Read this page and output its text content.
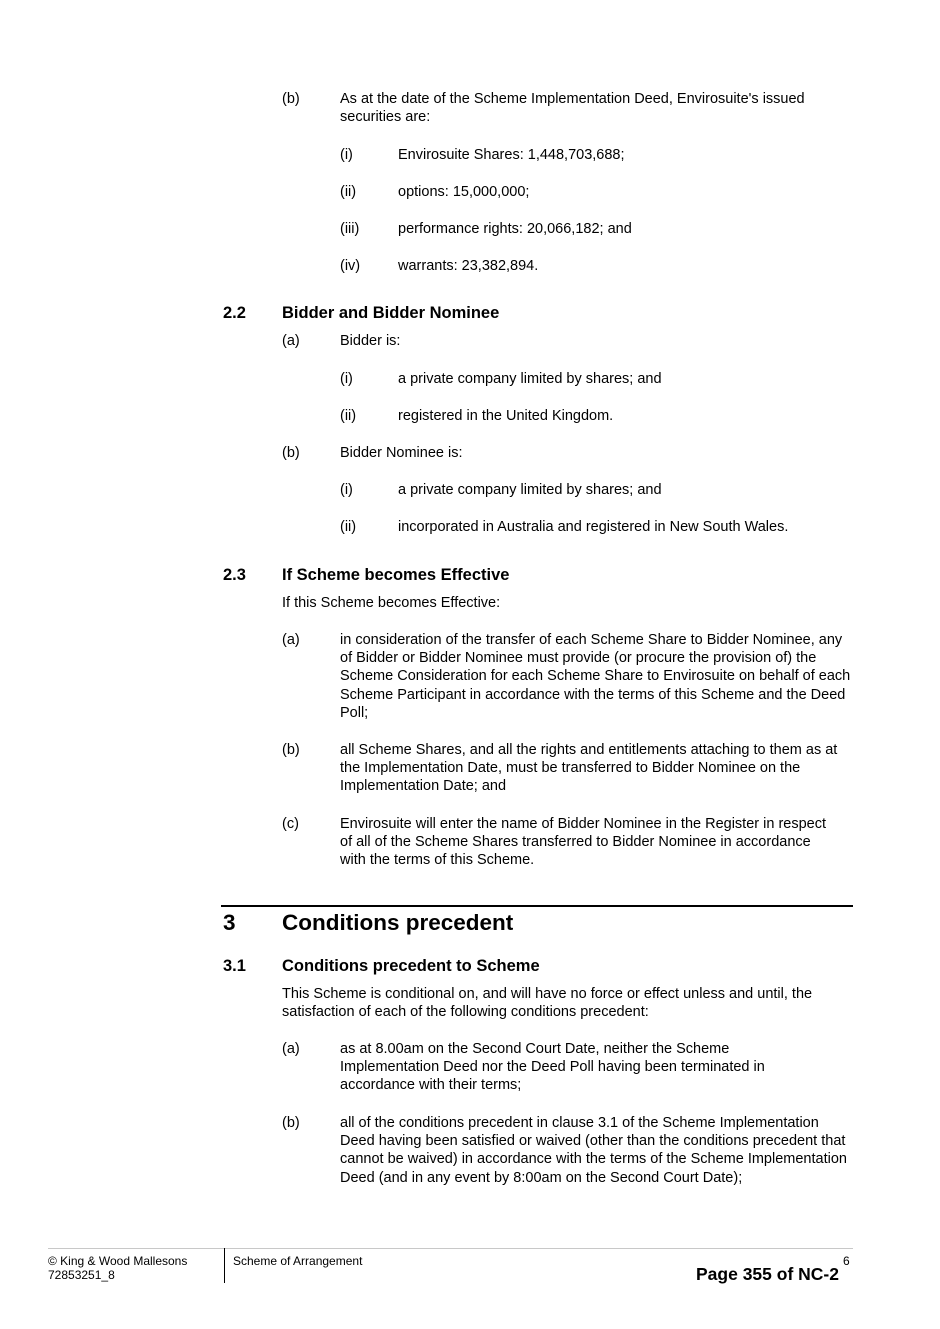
(b)	As at the date of the Scheme Implementation Deed, Envirosuite's issued securities are:
(i)	Envirosuite Shares: 1,448,703,688;
(ii)	options: 15,000,000;
(iii)	performance rights: 20,066,182; and
(iv)	warrants: 23,382,894.
2.2 Bidder and Bidder Nominee
(a)	Bidder is:
(i)	a private company limited by shares; and
(ii)	registered in the United Kingdom.
(b)	Bidder Nominee is:
(i)	a private company limited by shares; and
(ii)	incorporated in Australia and registered in New South Wales.
2.3 If Scheme becomes Effective
If this Scheme becomes Effective:
(a)	in consideration of the transfer of each Scheme Share to Bidder Nominee, any of Bidder or Bidder Nominee must provide (or procure the provision of) the Scheme Consideration for each Scheme Share to Envirosuite on behalf of each Scheme Participant in accordance with the terms of this Scheme and the Deed Poll;
(b)	all Scheme Shares, and all the rights and entitlements attaching to them as at the Implementation Date, must be transferred to Bidder Nominee on the Implementation Date; and
(c)	Envirosuite will enter the name of Bidder Nominee in the Register in respect of all of the Scheme Shares transferred to Bidder Nominee in accordance with the terms of this Scheme.
3 Conditions precedent
3.1 Conditions precedent to Scheme
This Scheme is conditional on, and will have no force or effect unless and until, the satisfaction of each of the following conditions precedent:
(a)	as at 8.00am on the Second Court Date, neither the Scheme Implementation Deed nor the Deed Poll having been terminated in accordance with their terms;
(b)	all of the conditions precedent in clause 3.1 of the Scheme Implementation Deed having been satisfied or waived (other than the conditions precedent that cannot be waived) in accordance with the terms of the Scheme Implementation Deed (and in any event by 8:00am on the Second Court Date);
© King & Wood Mallesons
72853251_8
Scheme of Arrangement	6
Page 355 of NC-2
